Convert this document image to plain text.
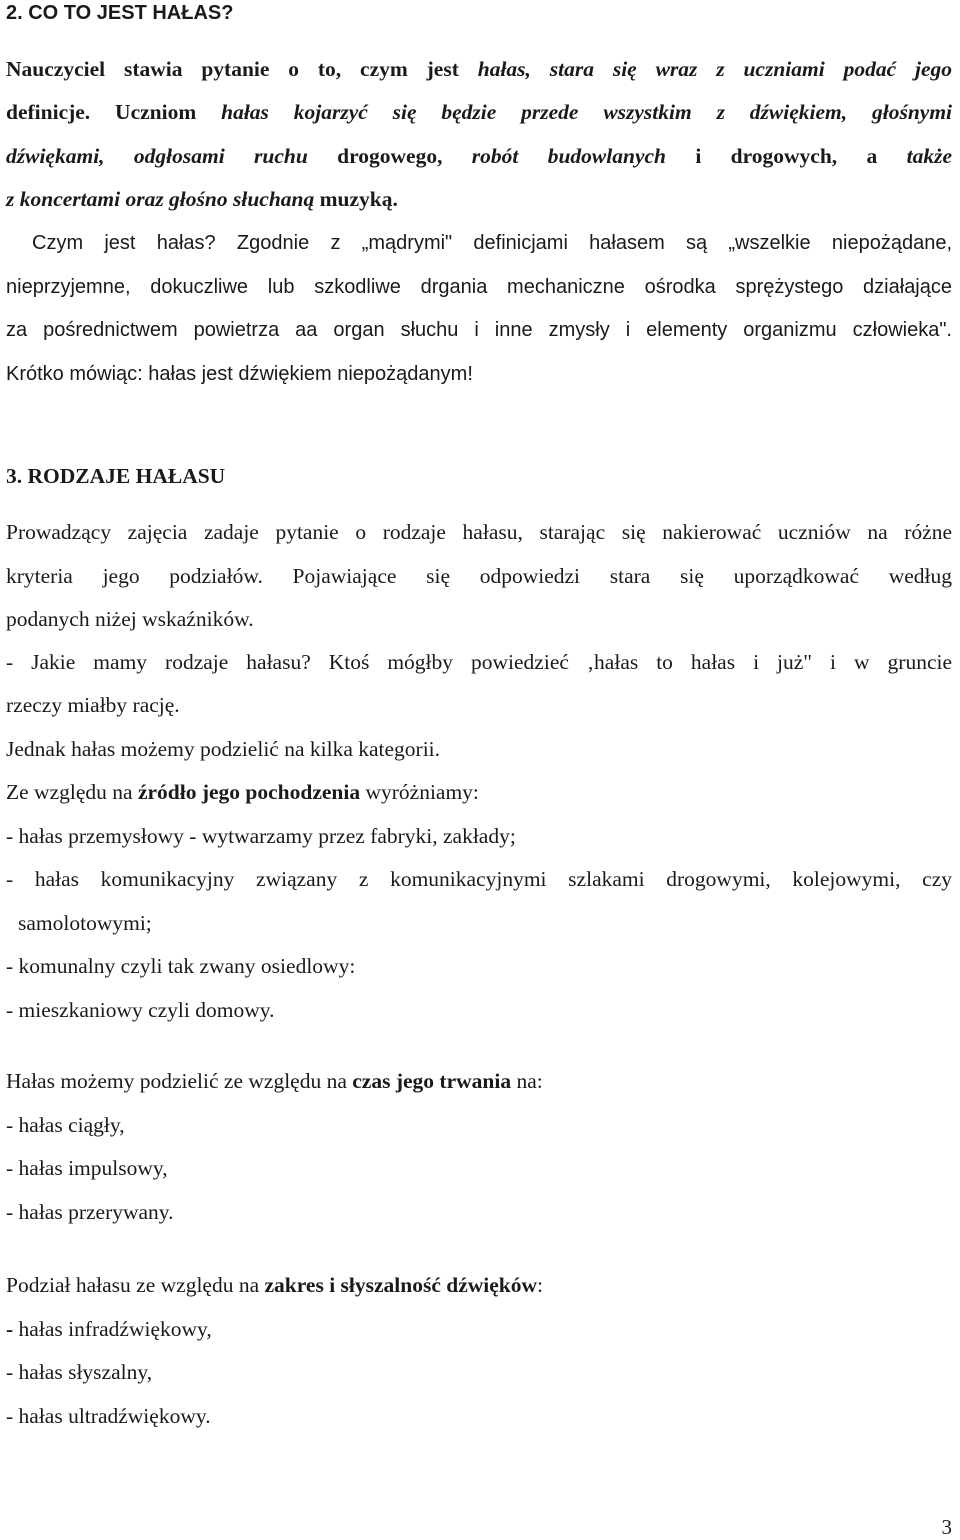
2. CO TO JEST HAŁAS?
Nauczyciel stawia pytanie o to, czym jest hałas, stara się wraz z uczniami podać jego
definicje. Uczniom hałas kojarzyć się będzie przede wszystkim z dźwiękiem, głośnymi
dźwiękami, odgłosami ruchu drogowego, robót budowlanych i drogowych, a także
z koncertami oraz głośno słuchaną muzyką.
Czym jest hałas? Zgodnie z „mądrymi" definicjami hałasem są „wszelkie niepożądane,
nieprzyjemne, dokuczliwe lub szkodliwe drgania mechaniczne ośrodka sprężystego działające
za pośrednictwem powietrza aa organ słuchu i inne zmysły i elementy organizmu człowieka".
Krótko mówiąc: hałas jest dźwiękiem niepożądanym!
3. RODZAJE HAŁASU
Prowadzący zajęcia zadaje pytanie o rodzaje hałasu, starając się nakierować uczniów na różne
kryteria jego podziałów. Pojawiające się odpowiedzi stara się uporządkować według
podanych niżej wskaźników.
- Jakie mamy rodzaje hałasu? Ktoś mógłby powiedzieć ‚hałas to hałas i już" i w gruncie
rzeczy miałby rację.
Jednak hałas możemy podzielić na kilka kategorii.
Ze względu na źródło jego pochodzenia wyróżniamy:
- hałas przemysłowy - wytwarzamy przez fabryki, zakłady;
- hałas komunikacyjny związany z komunikacyjnymi szlakami drogowymi, kolejowymi, czy
samolotowymi;
- komunalny czyli tak zwany osiedlowy:
- mieszkaniowy czyli domowy.
Hałas możemy podzielić ze względu na czas jego trwania na:
- hałas ciągły,
- hałas impulsowy,
- hałas przerywany.
Podział hałasu ze względu na zakres i słyszalność dźwięków:
- hałas infradźwiękowy,
- hałas słyszalny,
- hałas ultradźwiękowy.
3
